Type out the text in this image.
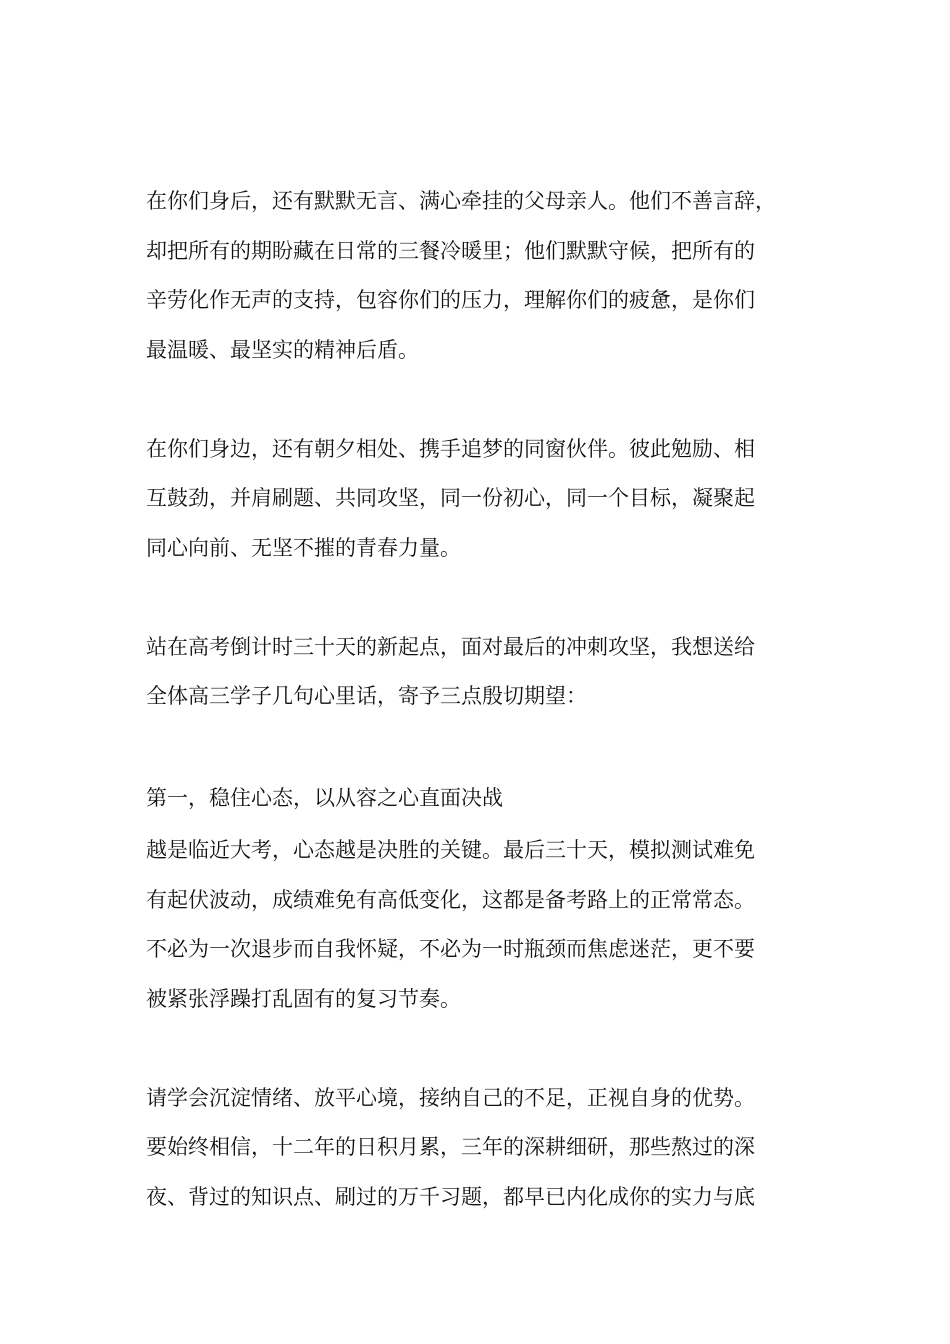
在你们身后，还有默默无言、满心牵挂的父母亲人。他们不善言辞，
却把所有的期盼藏在日常的三餐冷暖里；他们默默守候，把所有的
辛劳化作无声的支持，包容你们的压力，理解你们的疲惫，是你们
最温暖、最坚实的精神后盾。

在你们身边，还有朝夕相处、携手追梦的同窗伙伴。彼此勉励、相
互鼓劲，并肩刷题、共同攻坚，同一份初心，同一个目标，凝聚起
同心向前、无坚不摧的青春力量。

站在高考倒计时三十天的新起点，面对最后的冲刺攻坚，我想送给
全体高三学子几句心里话，寄予三点殷切期望：

第一，稳住心态，以从容之心直面决战

越是临近大考，心态越是决胜的关键。最后三十天，模拟测试难免
有起伏波动，成绩难免有高低变化，这都是备考路上的正常常态。
不必为一次退步而自我怀疑，不必为一时瓶颈而焦虑迷茫，更不要
被紧张浮躁打乱固有的复习节奏。

请学会沉淀情绪、放平心境，接纳自己的不足，正视自身的优势。
要始终相信，十二年的日积月累，三年的深耕细研，那些熬过的深
夜、背过的知识点、刷过的万千习题，都早已内化成你的实力与底
